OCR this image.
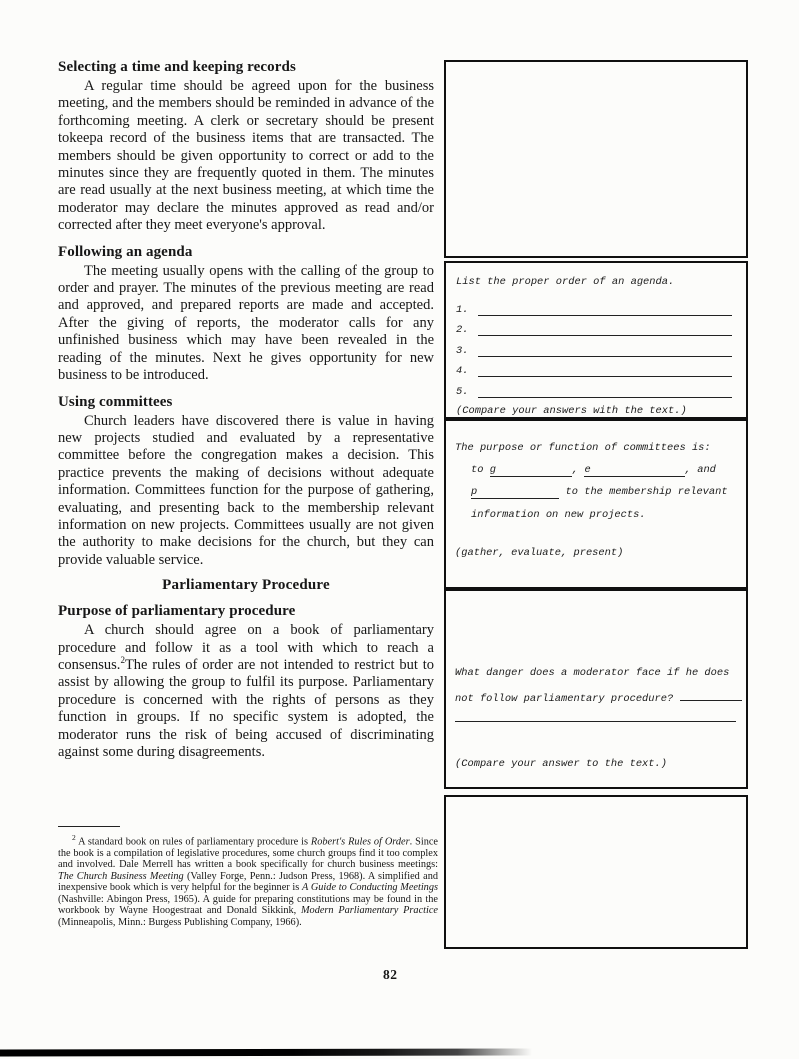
Selecting a time and keeping records

A regular time should be agreed upon for the business meeting, and the members should be reminded in advance of the forthcoming meeting. A clerk or secretary should be present tokeepa record of the business items that are transacted. The members should be given opportunity to correct or add to the minutes since they are frequently quoted in them. The minutes are read usually at the next business meeting, at which time the moderator may declare the minutes approved as read and/or corrected after they meet everyone's approval.

Following an agenda

The meeting usually opens with the calling of the group to order and prayer. The minutes of the previous meeting are read and approved, and prepared reports are made and accepted. After the giving of reports, the moderator calls for any unfinished business which may have been revealed in the reading of the minutes. Next he gives opportunity for new business to be introduced.

Using committees

Church leaders have discovered there is value in having new projects studied and evaluated by a representative committee before the congregation makes a decision. This practice prevents the making of decisions without adequate information. Committees function for the purpose of gathering, evaluating, and presenting back to the membership relevant information on new projects. Committees usually are not given the authority to make decisions for the church, but they can provide valuable service.

Parliamentary Procedure
Purpose of parliamentary procedure

A church should agree on a book of parliamentary procedure and follow it as a tool with which to reach a consensus.$^2$The rules of order are not intended to restrict but to assist by allowing the group to fulfil its purpose. Parliamentary procedure is concerned with the rights of persons as they function in groups. If no specific system is adopted, the moderator runs the risk of being accused of discriminating against some during disagreements.

$^2$ A standard book on rules of parliamentary procedure is Robert's Rules of Order. Since the book is a compilation of legislative procedures, some church groups find it too complex and involved. Dale Merrell has written a book specifically for church business meetings: The Church Business Meeting (Valley Forge, Penn.: Judson Press, 1968). A simplified and inexpensive book which is very helpful for the beginner is A Guide to Conducting Meetings (Nashville: Abingon Press, 1965). A guide for preparing constitutions may be found in the workbook by Wayne Hoogestraat and Donald Sikkink, Modern Parliamentary Practice (Minneapolis, Minn.: Burgess Publishing Company, 1966).

82
List the proper order of an agenda.
1.
2.
3.
4.
5.
(Compare your answers with the text.)
The purpose or function of committees is:
to g	, e	, and
p	to the membership relevant
information on new projects.
(gather, evaluate, present)
What danger does a moderator face if he does
not follow parliamentary procedure?
(Compare your answer to the text.)
